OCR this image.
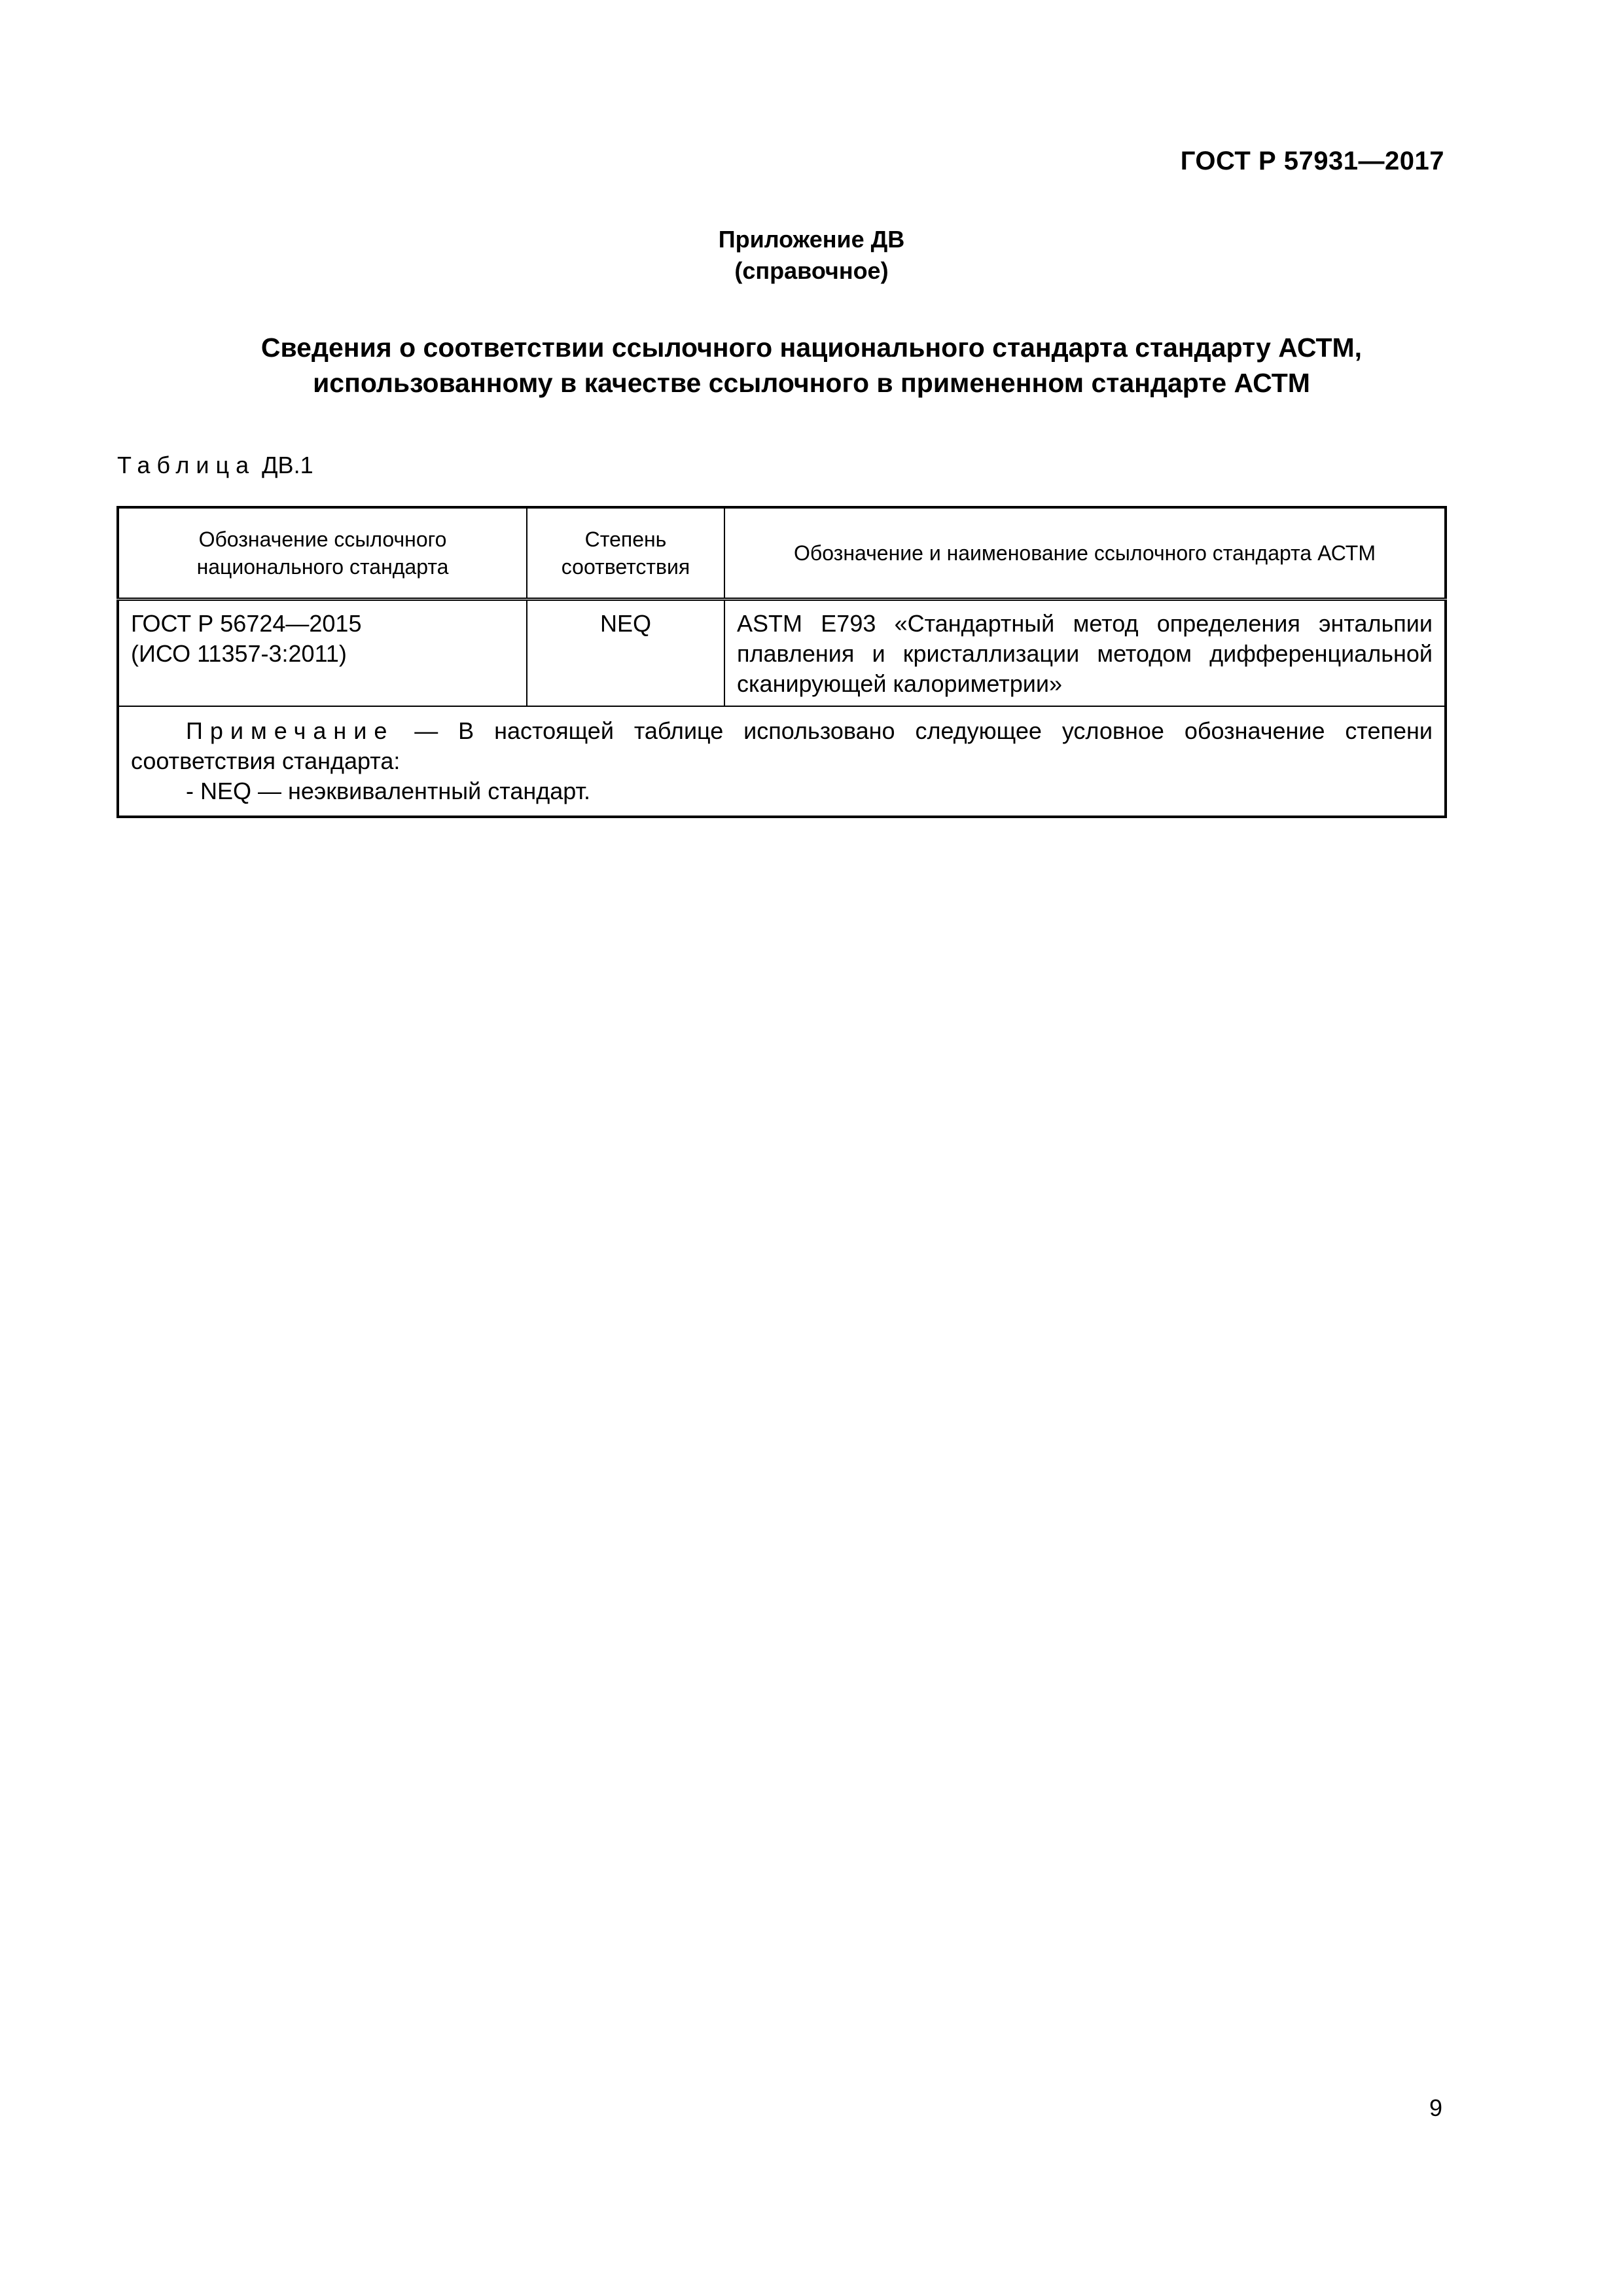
ГОСТ Р 57931—2017
Приложение ДВ
(справочное)
Сведения о соответствии ссылочного национального стандарта стандарту АСТМ,
использованному в качестве ссылочного в примененном стандарте АСТМ
Таблица ДВ.1
Обозначение ссылочного национального стандарта	Степень соответствия	Обозначение и наименование ссылочного стандарта АСТМ

ГОСТ Р 56724—2015
(ИСО 11357-3:2011)	NEQ	ASTM E793 «Стандартный метод определения энтальпии плавления и кристаллизации методом дифференциальной сканирующей калориметрии»

Примечание — В настоящей таблице использовано следующее условное обозначение степени соответствия стандарта:
- NEQ — неэквивалентный стандарт.		
9
